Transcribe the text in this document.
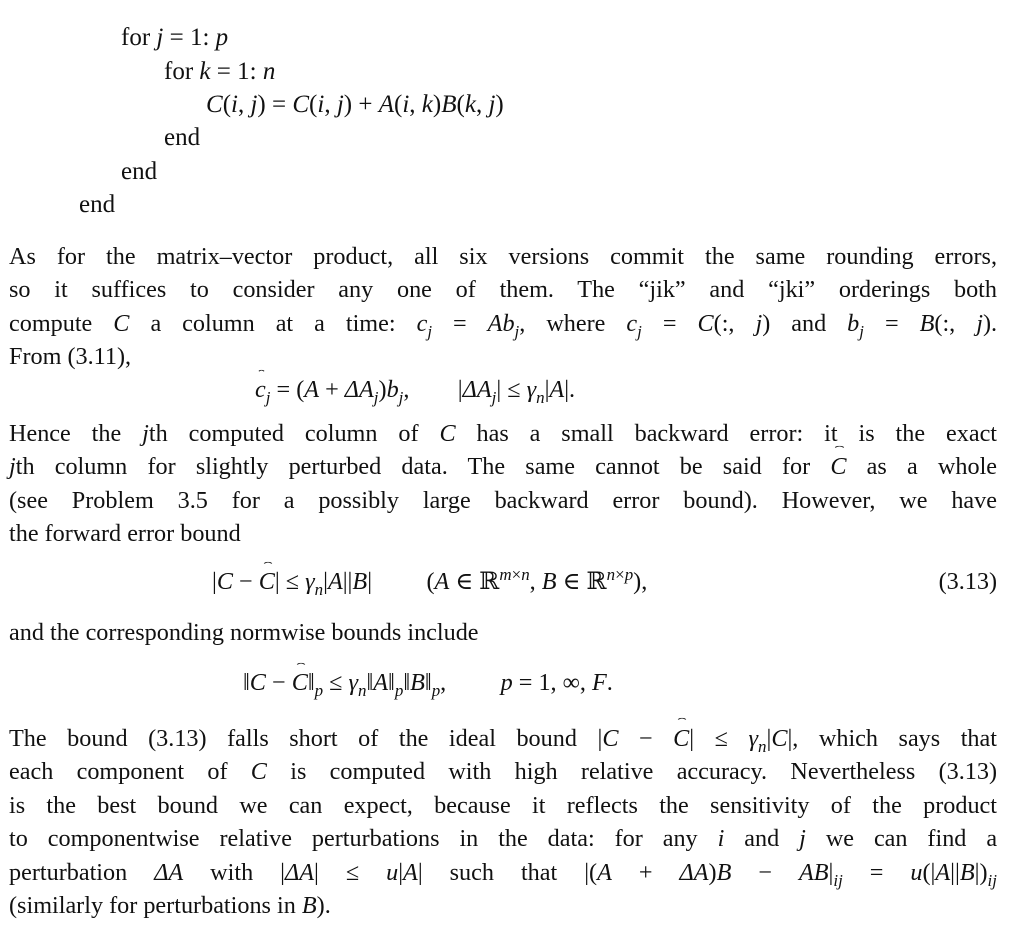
for j = 1: p
for k = 1: n
C(i, j) = C(i, j) + A(i, k)B(k, j)
end
end
end
As for the matrix–vector product, all six versions commit the same rounding errors,
so it suffices to consider any one of them. The “jik” and “jki” orderings both
compute C a column at a time: $c_j = Ab_j$, where $c_j = C$(:, j) and $b_j = B$(:, j).
From (3.11),
$c_j = (A + \Delta A_j)b_j$,        $|\Delta A_j| \le \gamma_n|A|$.
Hence the jth computed column of C has a small backward error: it is the exact
jth column for slightly perturbed data. The same cannot be said for C as a whole
(see Problem 3.5 for a possibly large backward error bound). However, we have
the forward error bound
$|C - C| \le \gamma_n|A||B|$         (A ∈ ℝ$^{m\times n}$, B ∈ ℝ$^{n\times p}$),	(3.13)
and the corresponding normwise bounds include
‖C − $C‖_p$ ≤ $\gamma_n‖A‖_p‖B‖_p$,         p = 1, ∞, F.
The bound (3.13) falls short of the ideal bound $|C - C| \le \gamma_n|C|$, which says that
each component of C is computed with high relative accuracy. Nevertheless (3.13)
is the best bound we can expect, because it reflects the sensitivity of the product
to componentwise relative perturbations in the data: for any i and j we can find a
perturbation ΔA with |ΔA| ≤ u|A| such that $|(A + \Delta A)B - AB|_{ij} = u(|A||B|)_{ij}$
(similarly for perturbations in B).
